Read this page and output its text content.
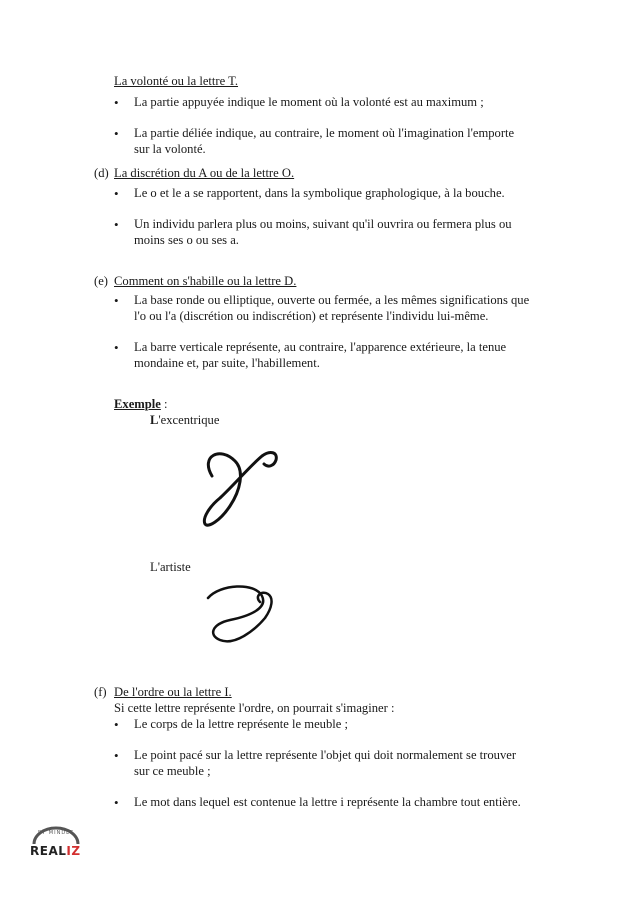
La volonté ou la lettre T.
• La partie appuyée indique le moment où la volonté est au maximum ;
• La partie déliée indique, au contraire, le moment où l'imagination l'emporte
sur la volonté.
(d) La discrétion du A ou de la lettre O.
• Le o et le a se rapportent, dans la symbolique graphologique, à la bouche.
• Un individu parlera plus ou moins, suivant qu'il ouvrira ou fermera plus ou
moins ses o ou ses a.
(e) Comment on s'habille ou la lettre D.
• La base ronde ou elliptique, ouverte ou fermée, a les mêmes significations que
l'o ou l'a (discrétion ou indiscrétion) et représente l'individu lui-même.
• La barre verticale représente, au contraire, l'apparence extérieure, la tenue
mondaine et, par suite, l'habillement.
Exemple :
L'excentrique
L'artiste
(f) De l'ordre ou la lettre I.
Si cette lettre représente l'ordre, on pourrait s'imaginer :
• Le corps de la lettre représente le meuble ;
• Le point pacé sur la lettre représente l'objet qui doit normalement se trouver
sur ce meuble ;
• Le mot dans lequel est contenue la lettre i représente la chambre tout entière.
BY MINDLE
REALIZ
